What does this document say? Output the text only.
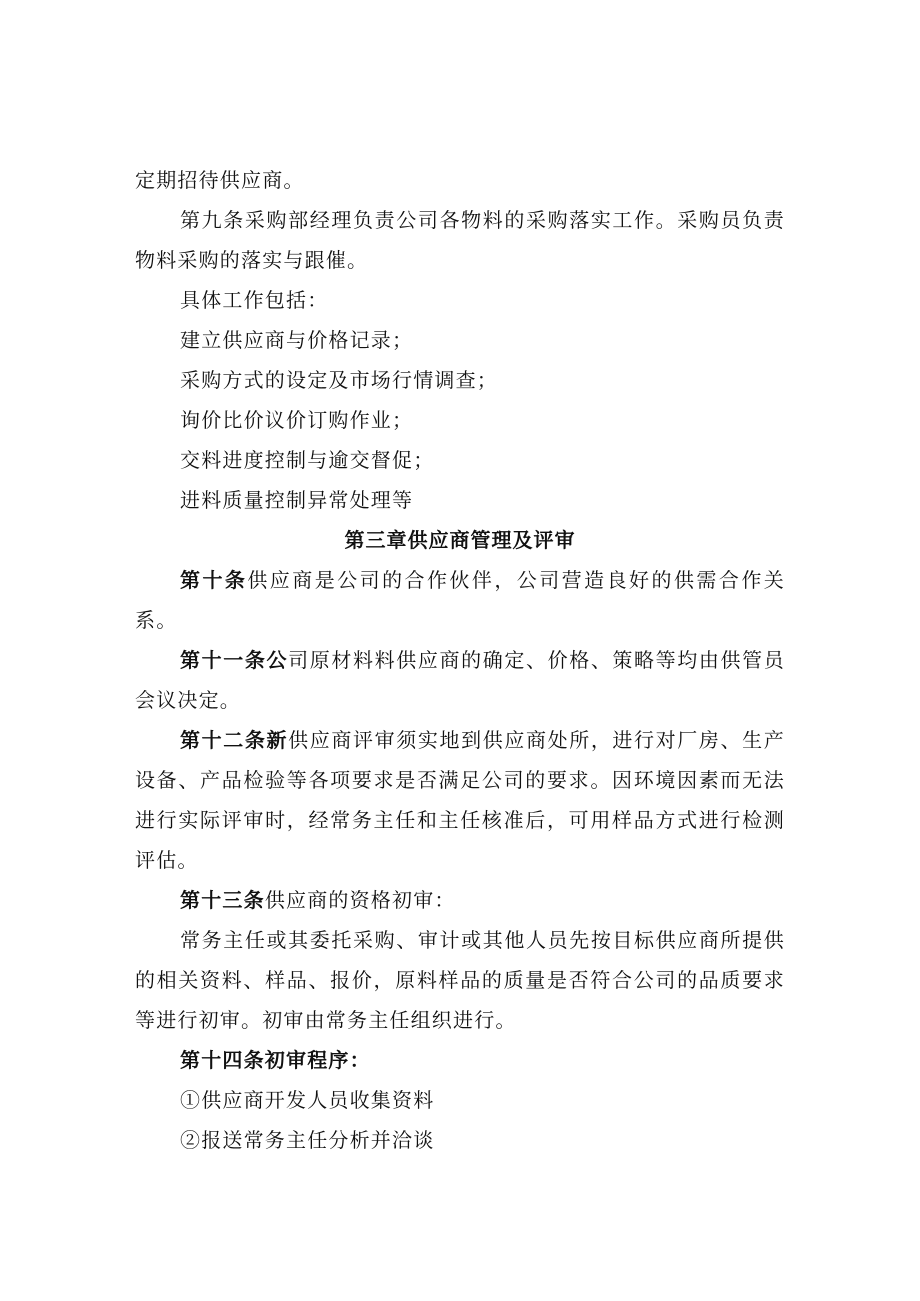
定期招待供应商。

第九条采购部经理负责公司各物料的采购落实工作。采购员负责物料采购的落实与跟催。

具体工作包括：

建立供应商与价格记录；

采购方式的设定及市场行情调查；

询价比价议价订购作业；

交料进度控制与逾交督促；

进料质量控制异常处理等

第三章供应商管理及评审

第十条供应商是公司的合作伙伴，公司营造良好的供需合作关系。

第十一条公司原材料料供应商的确定、价格、策略等均由供管员会议决定。

第十二条新供应商评审须实地到供应商处所，进行对厂房、生产设备、产品检验等各项要求是否满足公司的要求。因环境因素而无法进行实际评审时，经常务主任和主任核准后，可用样品方式进行检测评估。

第十三条供应商的资格初审：

常务主任或其委托采购、审计或其他人员先按目标供应商所提供的相关资料、样品、报价，原料样品的质量是否符合公司的品质要求等进行初审。初审由常务主任组织进行。

第十四条初审程序：

①供应商开发人员收集资料

②报送常务主任分析并洽谈
